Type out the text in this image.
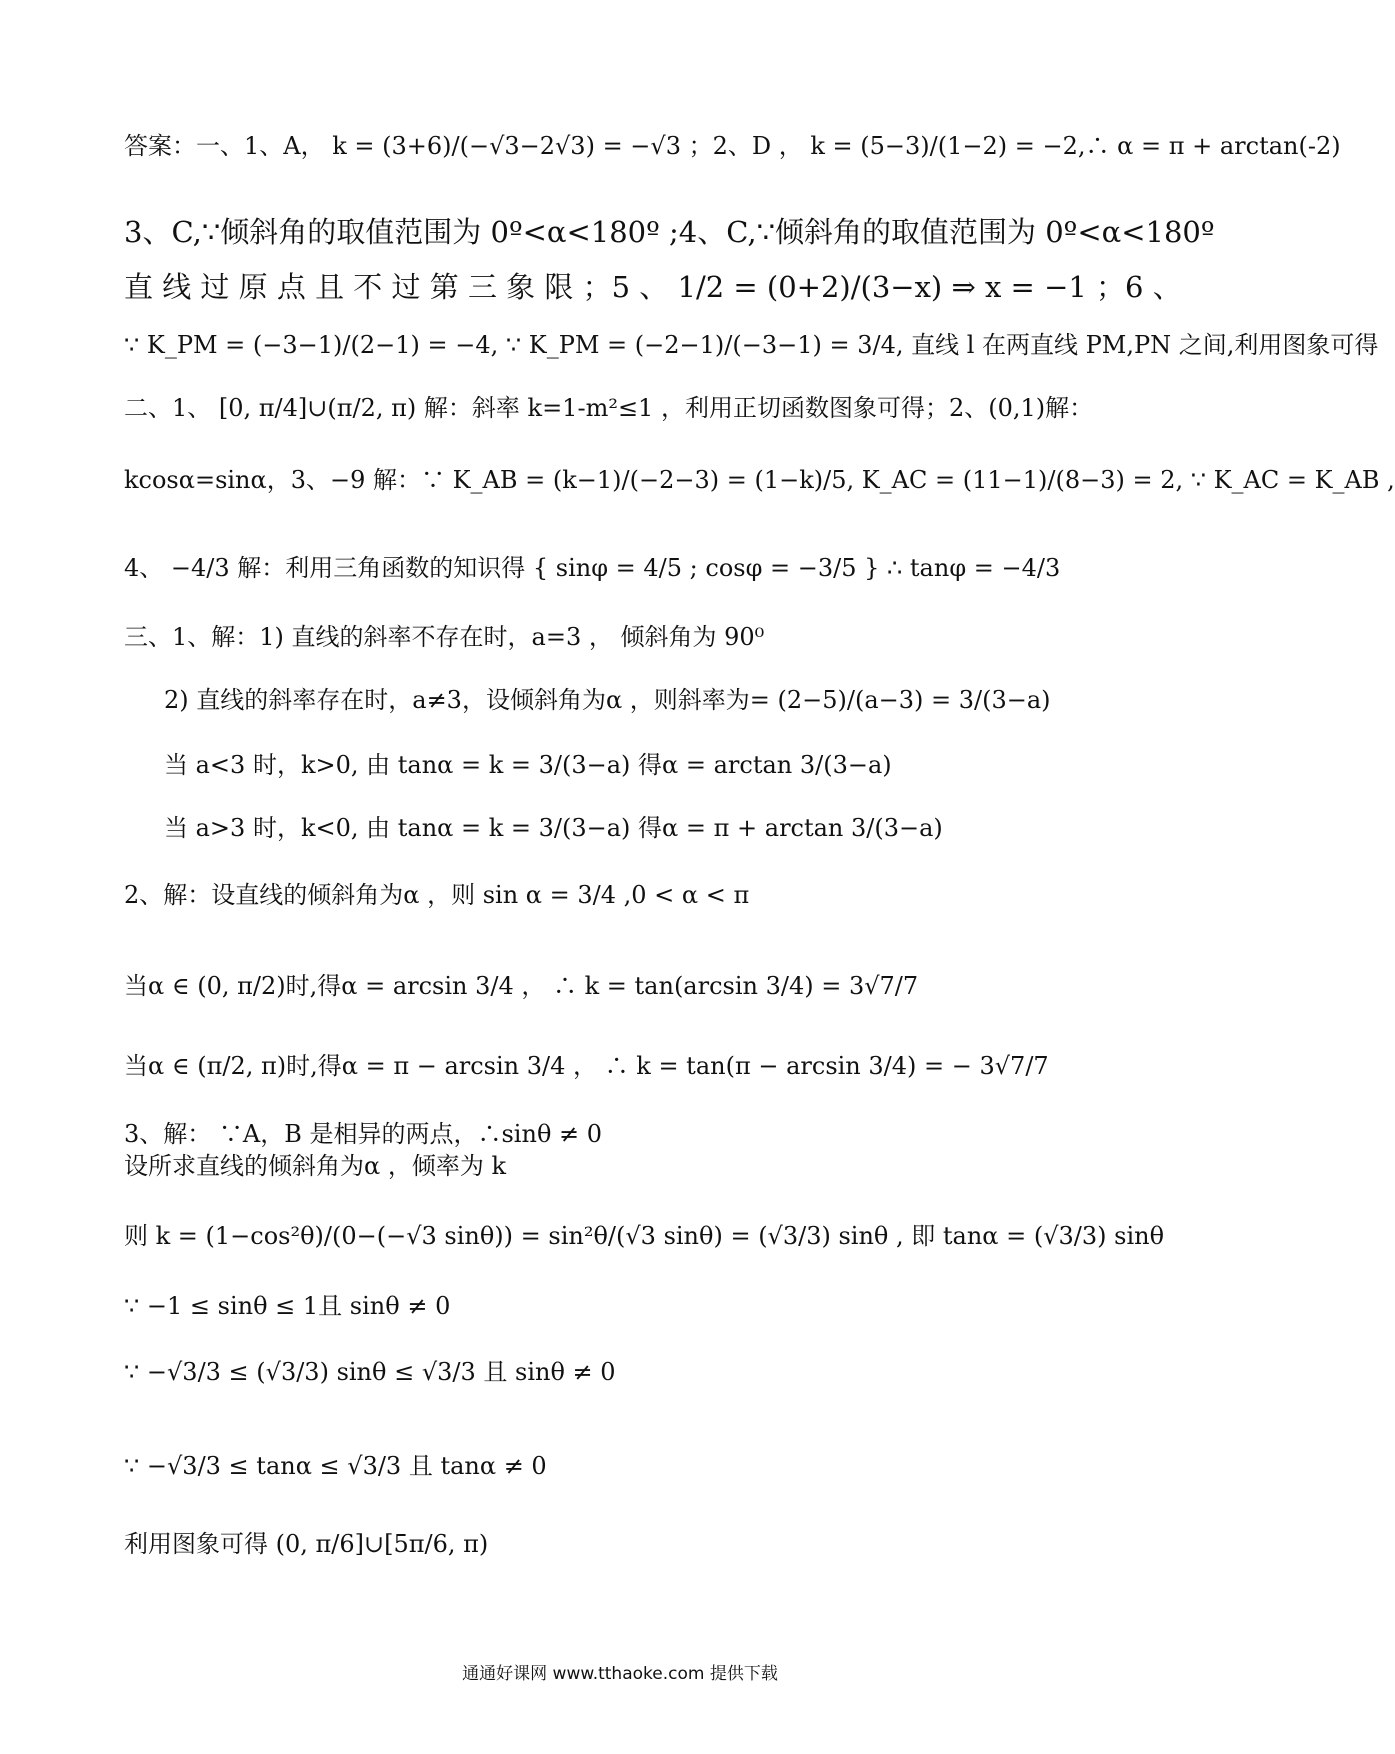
答案：一、1、A， k = (3+6)/(−√3−2√3) = −√3 ；2、D ， k = (5−3)/(1−2) = −2,∴ α = π + arctan(-2)
3、C,∵倾斜角的取值范围为 0º<α<180º ;4、C,∵倾斜角的取值范围为 0º<α<180º
直 线 过 原 点 且 不 过 第 三 象 限 ； 5 、 1/2 = (0+2)/(3−x) ⇒ x = −1 ； 6 、
∵ K_PM = (−3−1)/(2−1) = −4, ∵ K_PM = (−2−1)/(−3−1) = 3/4, 直线 l 在两直线 PM,PN 之间,利用图象可得
二、1、 [0, π/4]∪(π/2, π) 解：斜率 k=1-m²≤1 ，利用正切函数图象可得；2、(0,1)解：
kcosα=sinα，3、−9 解：∵ K_AB = (k−1)/(−2−3) = (1−k)/5, K_AC = (11−1)/(8−3) = 2, ∵ K_AC = K_AB ,
4、 −4/3 解：利用三角函数的知识得 { sinφ = 4/5 ; cosφ = −3/5 } ∴ tanφ = −4/3
三、1、解：1) 直线的斜率不存在时，a=3 ， 倾斜角为 90⁰
2) 直线的斜率存在时，a≠3，设倾斜角为α ，则斜率为= (2−5)/(a−3) = 3/(3−a)
当 a<3 时，k>0, 由 tanα = k = 3/(3−a) 得α = arctan 3/(3−a)
当 a>3 时，k<0, 由 tanα = k = 3/(3−a) 得α = π + arctan 3/(3−a)
2、解：设直线的倾斜角为α ，则 sin α = 3/4 ,0 < α < π
当α ∈ (0, π/2)时,得α = arcsin 3/4 ， ∴ k = tan(arcsin 3/4) = 3√7/7
当α ∈ (π/2, π)时,得α = π − arcsin 3/4 ， ∴ k = tan(π − arcsin 3/4) = − 3√7/7
3、解： ∵A，B 是相异的两点，∴sinθ ≠ 0
设所求直线的倾斜角为α ，倾率为 k
则 k = (1−cos²θ)/(0−(−√3 sinθ)) = sin²θ/(√3 sinθ) = (√3/3) sinθ , 即 tanα = (√3/3) sinθ
∵ −1 ≤ sinθ ≤ 1且 sinθ ≠ 0
∵ −√3/3 ≤ (√3/3) sinθ ≤ √3/3 且 sinθ ≠ 0
∵ −√3/3 ≤ tanα ≤ √3/3 且 tanα ≠ 0
利用图象可得 (0, π/6]∪[5π/6, π)
通通好课网 www.tthaoke.com 提供下载
